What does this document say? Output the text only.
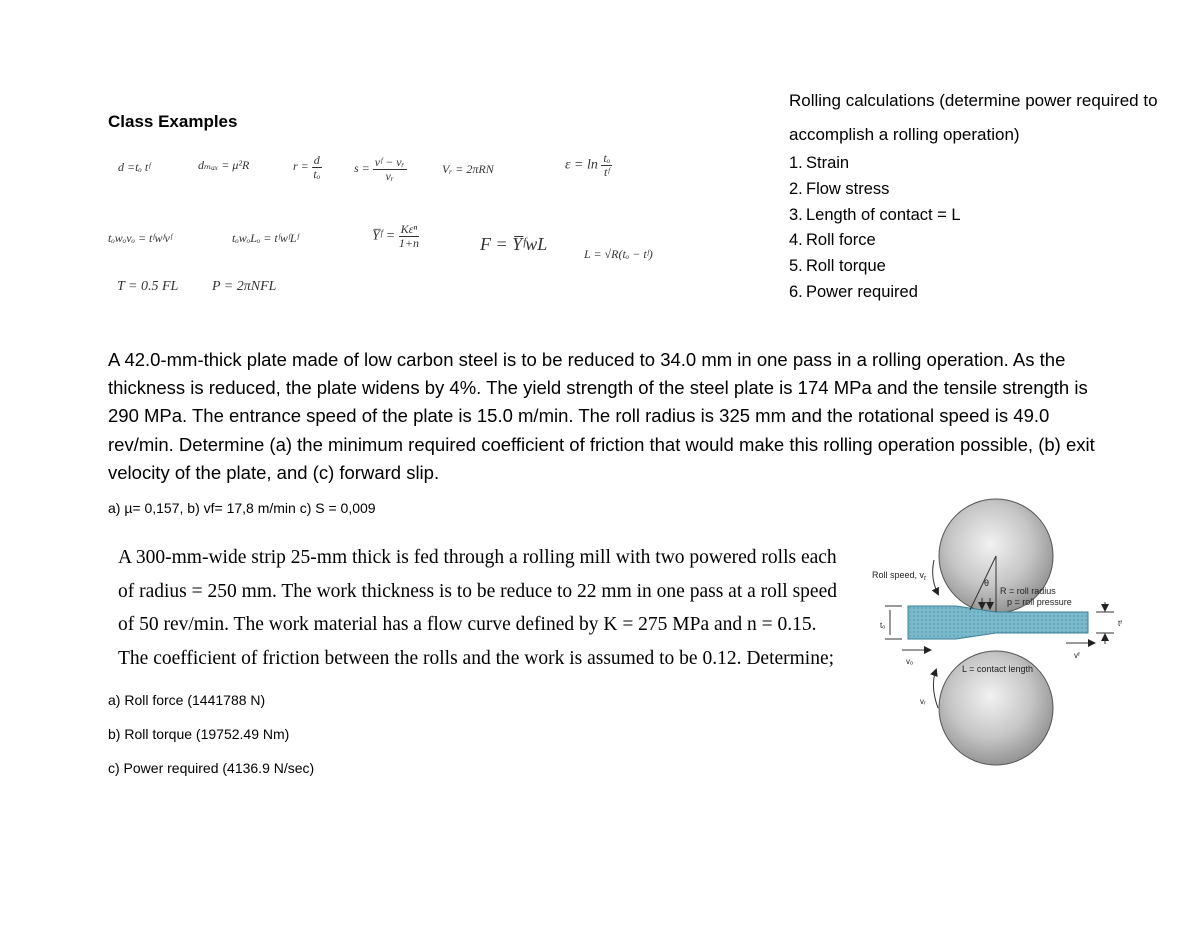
Class Examples
Rolling calculations (determine power required to accomplish a rolling operation)
1. Strain
2. Flow stress
3. Length of contact = L
4. Roll force
5. Roll torque
6. Power required
d =tₒ tᶠ	dₘₐₓ = μ²R	$r = \frac{d}{\text{tₒ}}$	$s = \frac{\text{vᶠ − vᵣ}}{\text{vᵣ}}$	Vᵣ = 2πRN	$\varepsilon = \ln \frac{\text{tₒ}}{\text{tᶠ}}$
tₒwₒvₒ = tᶠwᶠvᶠ	tₒwₒLₒ = tᶠwᶠLᶠ	Y̅ᶠ = $\frac{\text{Kεⁿ}}{1+n}$	F = Y̅ᶠwL	L = √R(tₒ − tᶠ)
T = 0.5 FL P = 2πNFL
A 42.0-mm-thick plate made of low carbon steel is to be reduced to 34.0 mm in one pass in a rolling operation. As the thickness is reduced, the plate widens by 4%. The yield strength of the steel plate is 174 MPa and the tensile strength is 290 MPa. The entrance speed of the plate is 15.0 m/min. The roll radius is 325 mm and the rotational speed is 49.0 rev/min. Determine (a) the minimum required coefficient of friction that would make this rolling operation possible, (b) exit velocity of the plate, and (c) forward slip.
a) µ= 0,157, b) vf= 17,8 m/min c) S = 0,009
A 300-mm-wide strip 25-mm thick is fed through a rolling mill with two powered rolls each
of radius = 250 mm. The work thickness is to be reduce to 22 mm in one pass at a roll speed
of 50 rev/min. The work material has a flow curve defined by K = 275 MPa and n = 0.15.
The coefficient of friction between the rolls and the work is assumed to be 0.12. Determine;
a) Roll force (1441788 N)
b) Roll torque (19752.49 Nm)
c) Power required (4136.9 N/sec)
θ
Roll speed, $v_r$
R = roll radius
p = roll pressure
L = contact length
vᵣ
tₒ	tᶠ
vₒ
vᶠ
